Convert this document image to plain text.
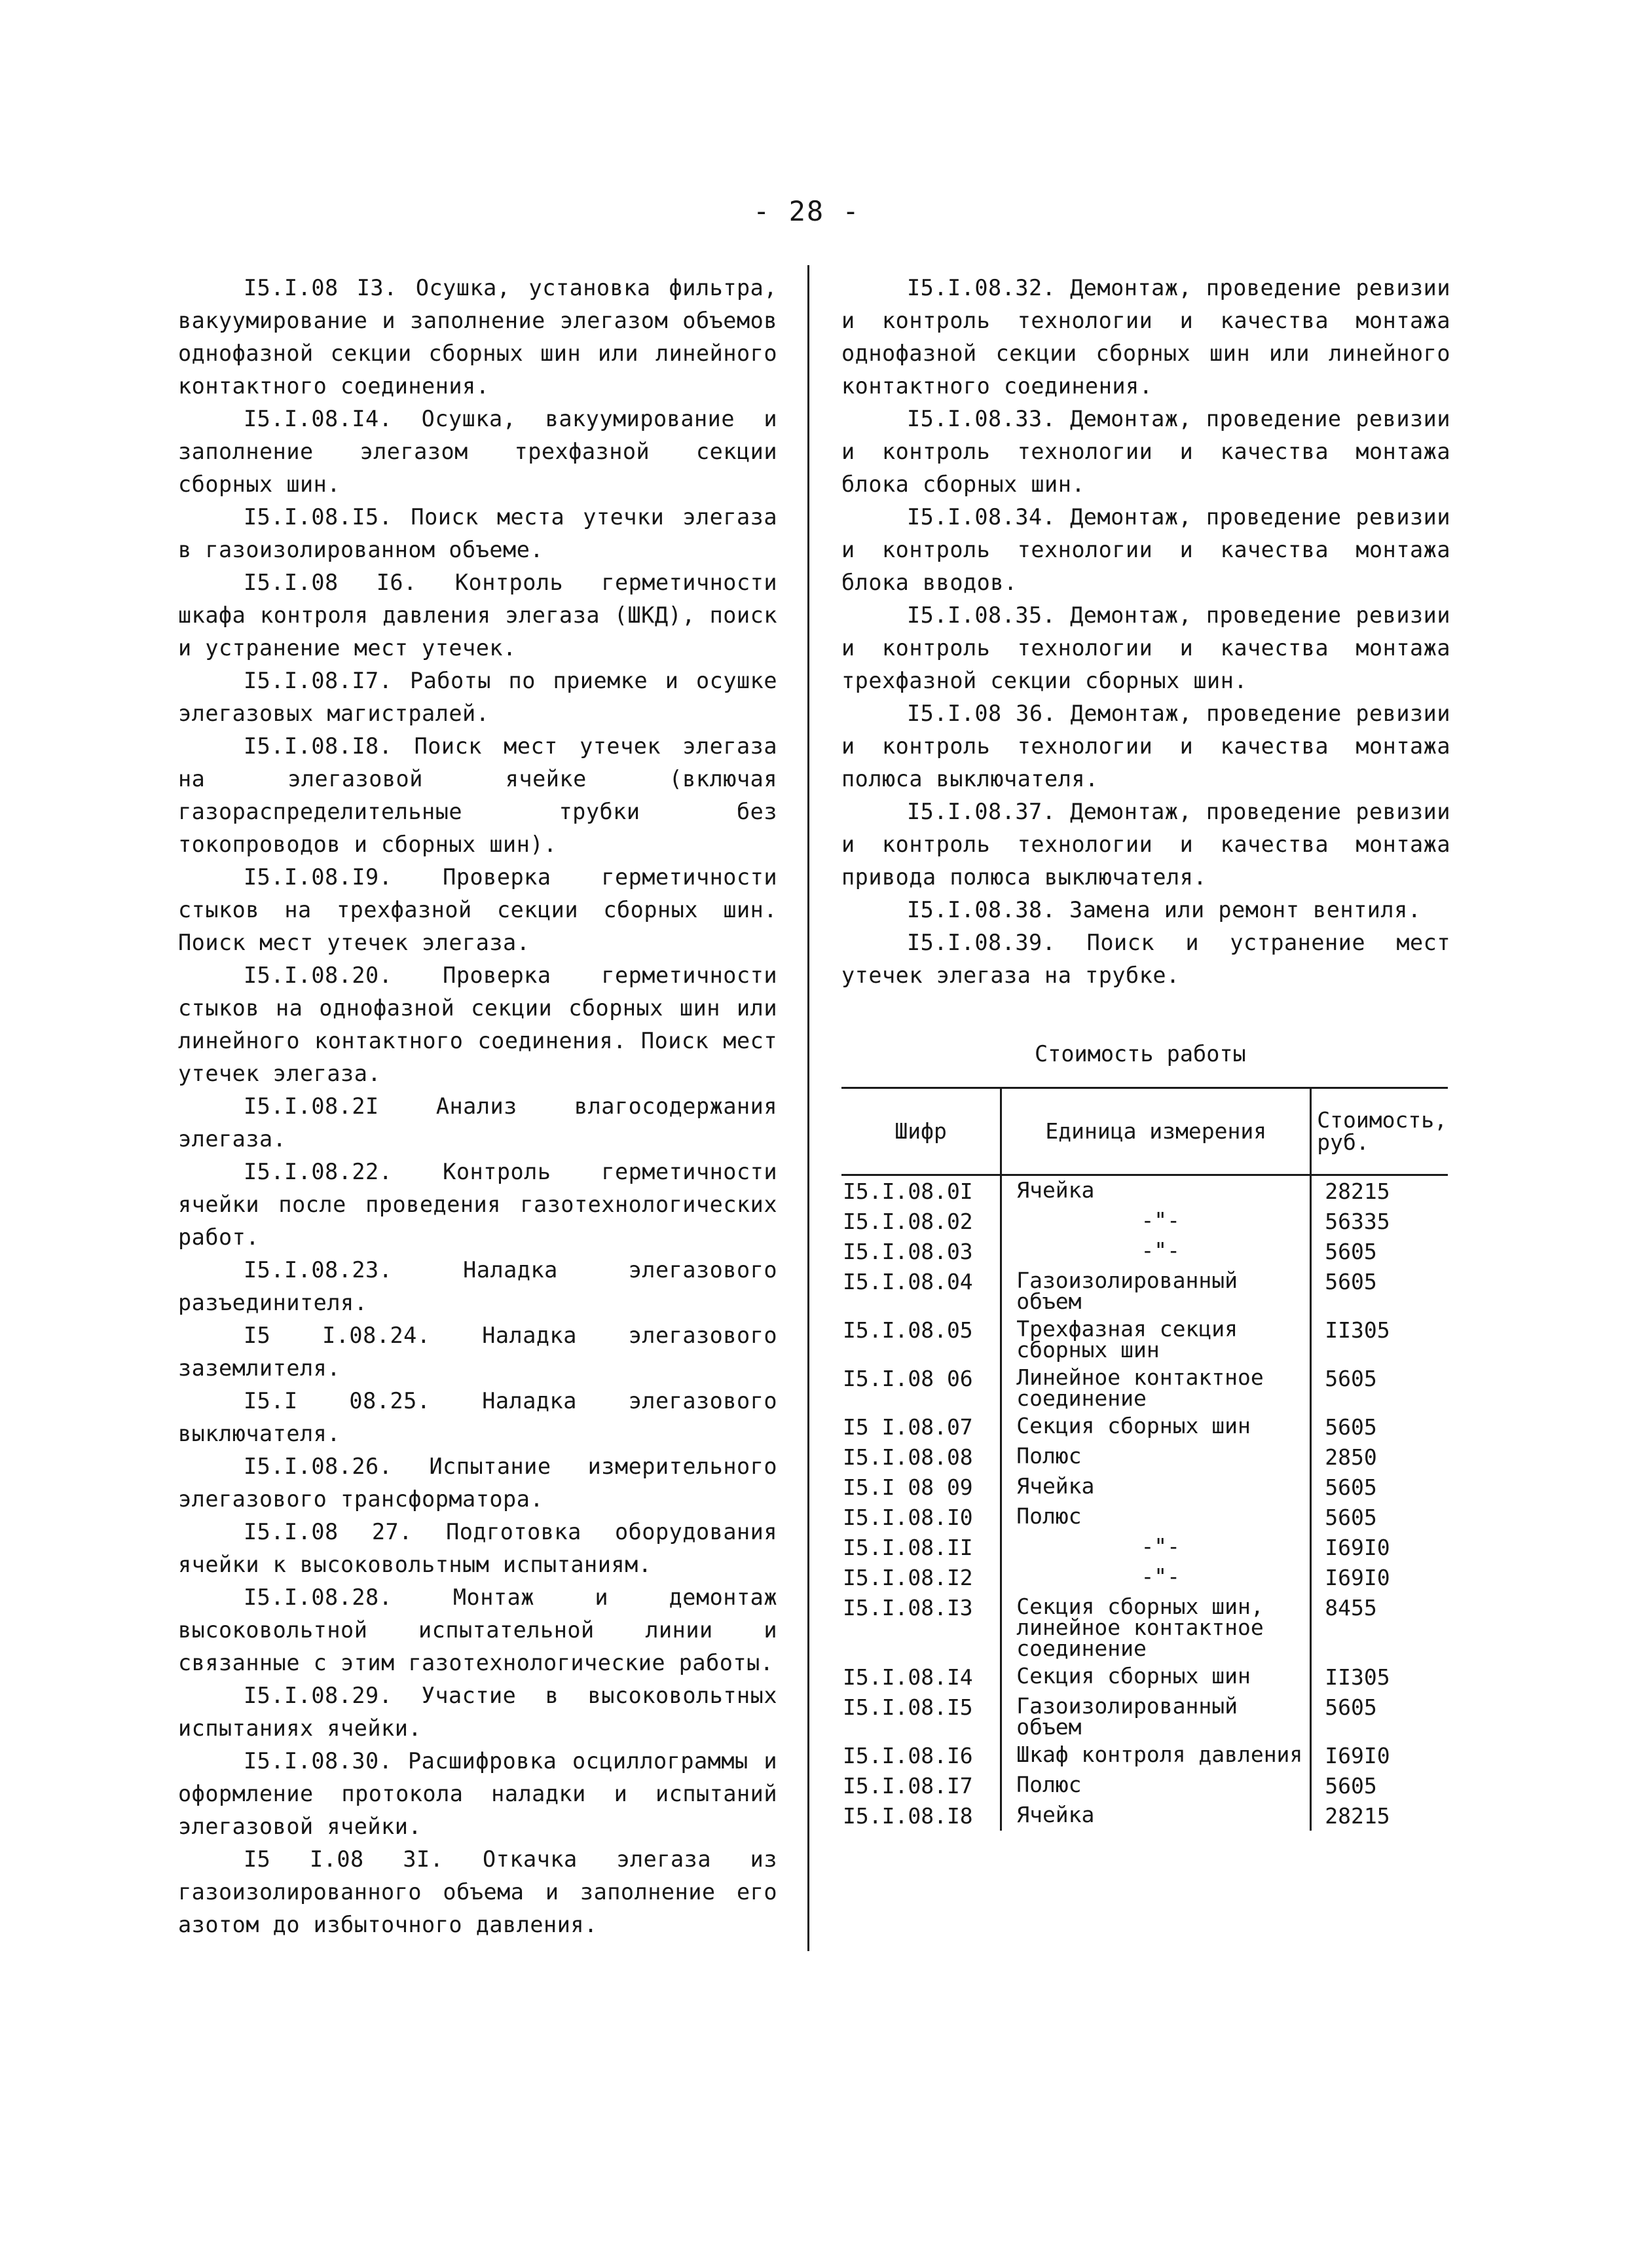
- 28 -

I5.I.08 I3. Осушка, установка фильтра, вакуумирование и заполнение элегазом объемов однофазной секции сборных шин или линейного контактного соединения.

I5.I.08.I4. Осушка, вакуумирование и заполнение элегазом трехфазной секции сборных шин.

I5.I.08.I5. Поиск места утечки элегаза в газоизолированном объеме.

I5.I.08 I6. Контроль герметичности шкафа контроля давления элегаза (ШКД), поиск и устранение мест утечек.

I5.I.08.I7. Работы по приемке и осушке элегазовых магистралей.

I5.I.08.I8. Поиск мест утечек элегаза на элегазовой ячейке (включая газораспределительные трубки без токопроводов и сборных шин).

I5.I.08.I9. Проверка герметичности стыков на трехфазной секции сборных шин. Поиск мест утечек элегаза.

I5.I.08.20. Проверка герметичности стыков на однофазной секции сборных шин или линейного контактного соединения. Поиск мест утечек элегаза.

I5.I.08.2I Анализ влагосодержания элегаза.

I5.I.08.22. Контроль герметичности ячейки после проведения газотехнологических работ.

I5.I.08.23. Наладка элегазового разъединителя.

I5 I.08.24. Наладка элегазового заземлителя.

I5.I 08.25. Наладка элегазового выключателя.

I5.I.08.26. Испытание измерительного элегазового трансформатора.

I5.I.08 27. Подготовка оборудования ячейки к высоковольтным испытаниям.

I5.I.08.28. Монтаж и демонтаж высоковольтной испытательной линии и связанные с этим газотехнологические работы.

I5.I.08.29. Участие в высоковольтных испытаниях ячейки.

I5.I.08.30. Расшифровка осциллограммы и оформление протокола наладки и испытаний элегазовой ячейки.

I5 I.08 3I. Откачка элегаза из газоизолированного объема и заполнение его азотом до избыточного давления.

I5.I.08.32. Демонтаж, проведение ревизии и контроль технологии и качества монтажа однофазной секции сборных шин или линейного контактного соединения.

I5.I.08.33. Демонтаж, проведение ревизии и контроль технологии и качества монтажа блока сборных шин.

I5.I.08.34. Демонтаж, проведение ревизии и контроль технологии и качества монтажа блока вводов.

I5.I.08.35. Демонтаж, проведение ревизии и контроль технологии и качества монтажа трехфазной секции сборных шин.

I5.I.08 36. Демонтаж, проведение ревизии и контроль технологии и качества монтажа полюса выключателя.

I5.I.08.37. Демонтаж, проведение ревизии и контроль технологии и качества монтажа привода полюса выключателя.

I5.I.08.38. Замена или ремонт вентиля.

I5.I.08.39. Поиск и устранение мест утечек элегаза на трубке.

Стоимость работы
Шифр	Единица измерения	Стоимость, руб.
I5.I.08.0I	Ячейка	28215
I5.I.08.02	-"-	56335
I5.I.08.03	-"-	5605
I5.I.08.04	Газоизолированный объем	5605
I5.I.08.05	Трехфазная секция сборных шин	II305
I5.I.08 06	Линейное контактное соединение	5605
I5 I.08.07	Секция сборных шин	5605
I5.I.08.08	Полюс	2850
I5.I 08 09	Ячейка	5605
I5.I.08.I0	Полюс	5605
I5.I.08.II	-"-	I69I0
I5.I.08.I2	-"-	I69I0
I5.I.08.I3	Секция сборных шин, линейное контактное соединение	8455
I5.I.08.I4	Секция сборных шин	II305
I5.I.08.I5	Газоизолированный объем	5605
I5.I.08.I6	Шкаф контроля давления	I69I0
I5.I.08.I7	Полюс	5605
I5.I.08.I8	Ячейка	28215
